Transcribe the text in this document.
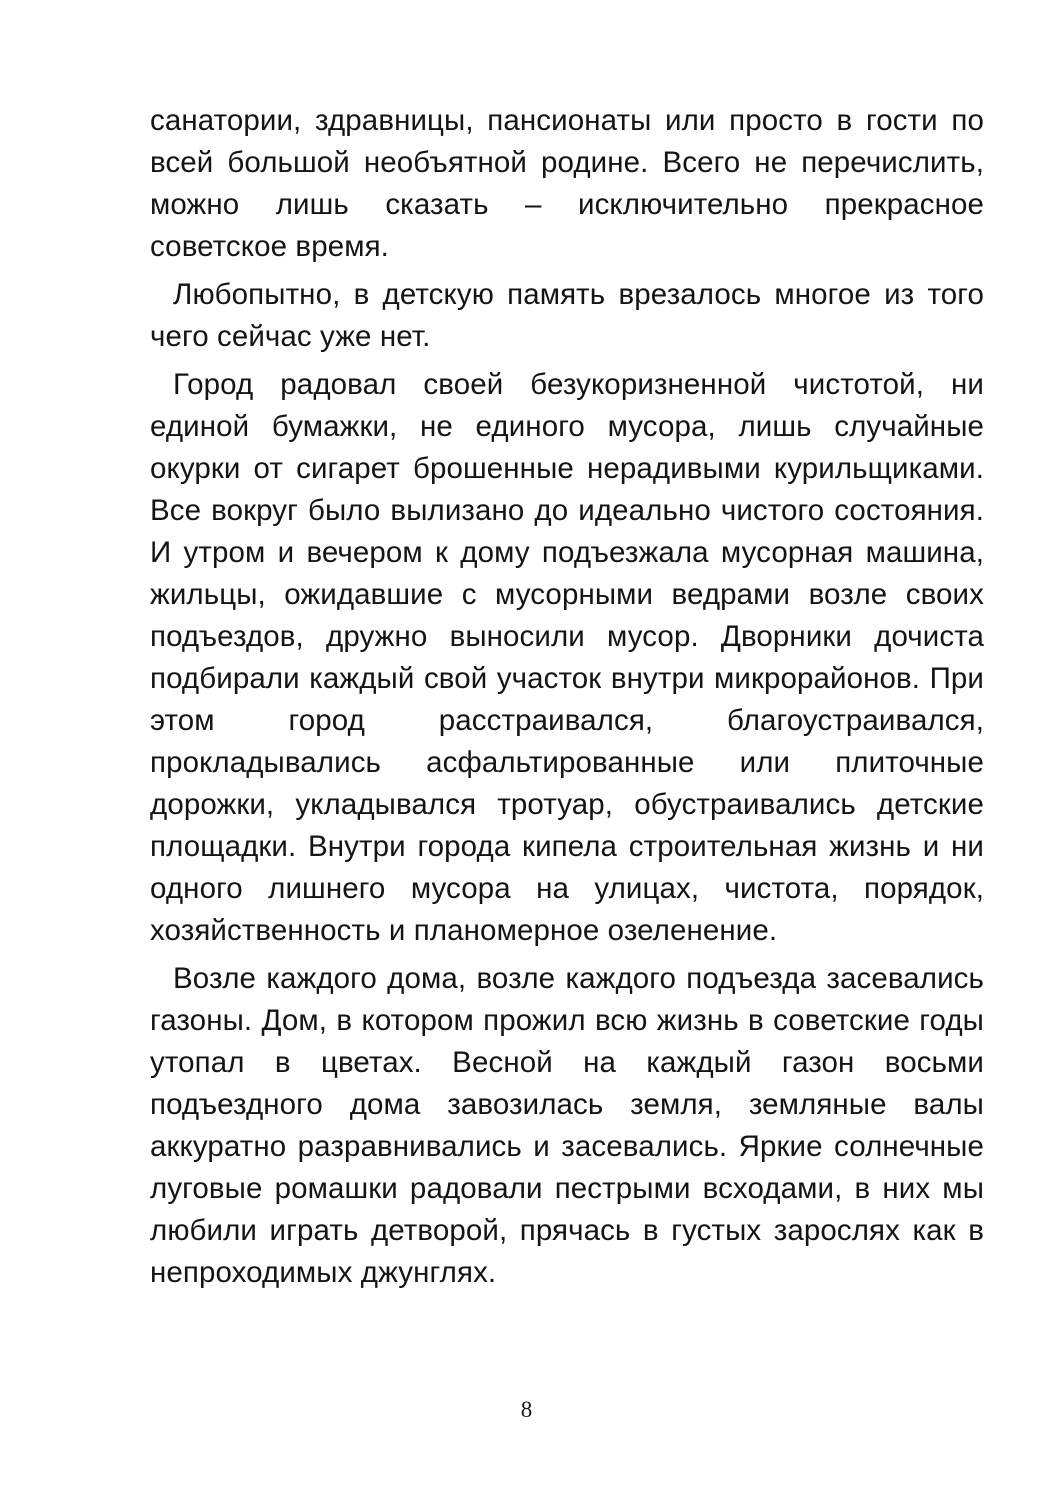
санатории, здравницы, пансионаты или просто в гости по всей большой необъятной родине. Всего не перечислить, можно лишь сказать – исключительно прекрасное советское время.

Любопытно, в детскую память врезалось многое из того чего сейчас уже нет.

Город радовал своей безукоризненной чистотой, ни единой бумажки, не единого мусора, лишь случайные окурки от сигарет брошенные нерадивыми курильщиками. Все вокруг было вылизано до идеально чистого состояния. И утром и вечером к дому подъезжала мусорная машина, жильцы, ожидавшие с мусорными ведрами возле своих подъездов, дружно выносили мусор. Дворники дочиста подбирали каждый свой участок внутри микрорайонов. При этом город расстраивался, благоустраивался, прокладывались асфальтированные или плиточные дорожки, укладывался тротуар, обустраивались детские площадки. Внутри города кипела строительная жизнь и ни одного лишнего мусора на улицах, чистота, порядок, хозяйственность и планомерное озеленение.

Возле каждого дома, возле каждого подъезда засевались газоны. Дом, в котором прожил всю жизнь в советские годы утопал в цветах. Весной на каждый газон восьми подъездного дома завозилась земля, земляные валы аккуратно разравнивались и засевались. Яркие солнечные луговые ромашки радовали пестрыми всходами, в них мы любили играть детворой, прячась в густых зарослях как в непроходимых джунглях.

8
